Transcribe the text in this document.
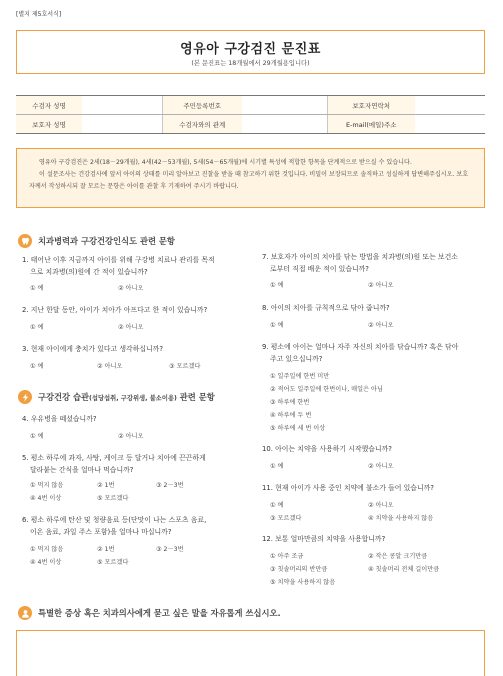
[별지 제5호서식]
영유아 구강검진 문진표
(본 문진표는 18개월에서 29개월용입니다)
수검자 성명		주민등록번호		보호자연락처	
보호자 성명		수검자와의 관계		E-mail(메일)주소	

영유아 구강검진은 2세(18－29개월), 4세(42－53개월), 5세(54－65개월)에 시기별 특성에 적합한 항목을 단계적으로 받으실 수 있습니다.

이 설문조사는 건강검사에 앞서 아이의 상태를 미리 알아보고 진찰을 받을 때 참고하기 위한 것입니다. 비밀이 보장되므로 솔직하고 성실하게 답변해주십시오. 보호자께서 작성하시되 잘 모르는 문항은 아이를 관찰 후 기재하여 주시기 바랍니다.

치과병력과 구강건강인식도 관련 문항
1. 태어난 이후 지금까지 아이를 위해 구강병 치료나 관리를 목적
으로 치과병(의)원에 간 적이 있습니까?
① 예	② 아니오
2. 지난 한달 동안, 아이가 치아가 아프다고 한 적이 있습니까?
① 예	② 아니오
3. 현재 아이에게 충치가 있다고 생각하십니까?
① 예	② 아니오	③ 모르겠다
구강건강 습관 (섭당섭취, 구강위생, 불소이용) 관련 문항
4. 우유병을 떼셨습니까?
① 예	② 아니오
5. 평소 하루에 과자, 사탕, 케이크 등 달거나 치아에 끈끈하게
달라붙는 간식을 얼마나 먹습니까?
① 먹지 않음	② 1번	③ 2－3번
④ 4번 이상	⑤ 모르겠다
6. 평소 하루에 탄산 및 청량음료 등(단맛이 나는 스포츠 음료,
이온 음료, 과일 주스 포함)을 얼마나 마십니까?
① 먹지 않음	② 1번	③ 2－3번
④ 4번 이상	⑤ 모르겠다
7. 보호자가 아이의 치아를 닦는 방법을 치과병(의)원 또는 보건소
로부터 직접 배운 적이 있습니까?
① 예	② 아니오
8. 아이의 치아를 규칙적으로 닦아 줍니까?
① 예	② 아니오
9. 평소에 아이는 얼마나 자주 자신의 치아를 닦습니까? 혹은 닦아
주고 있으십니까?
① 일주일에 한번 미만
② 적어도 일주일에 한번이나, 매일은 아님
③ 하루에 한번
④ 하루에 두 번
⑤ 하루에 세 번 이상
10. 아이는 치약을 사용하기 시작했습니까?
① 예	② 아니오
11. 현재 아이가 사용 중인 치약에 불소가 들어 있습니까?
① 예	② 아니오
③ 모르겠다	④ 치약을 사용하지 않음
12. 보통 얼마만큼의 치약을 사용합니까?
① 아주 조금	② 작은 콩알 크기만큼
③ 칫솔머리의 반만큼	④ 칫솔머리 전체 길이만큼
⑤ 치약을 사용하지 않음
특별한 증상 혹은 치과의사에게 묻고 싶은 말을 자유롭게 쓰십시오.
